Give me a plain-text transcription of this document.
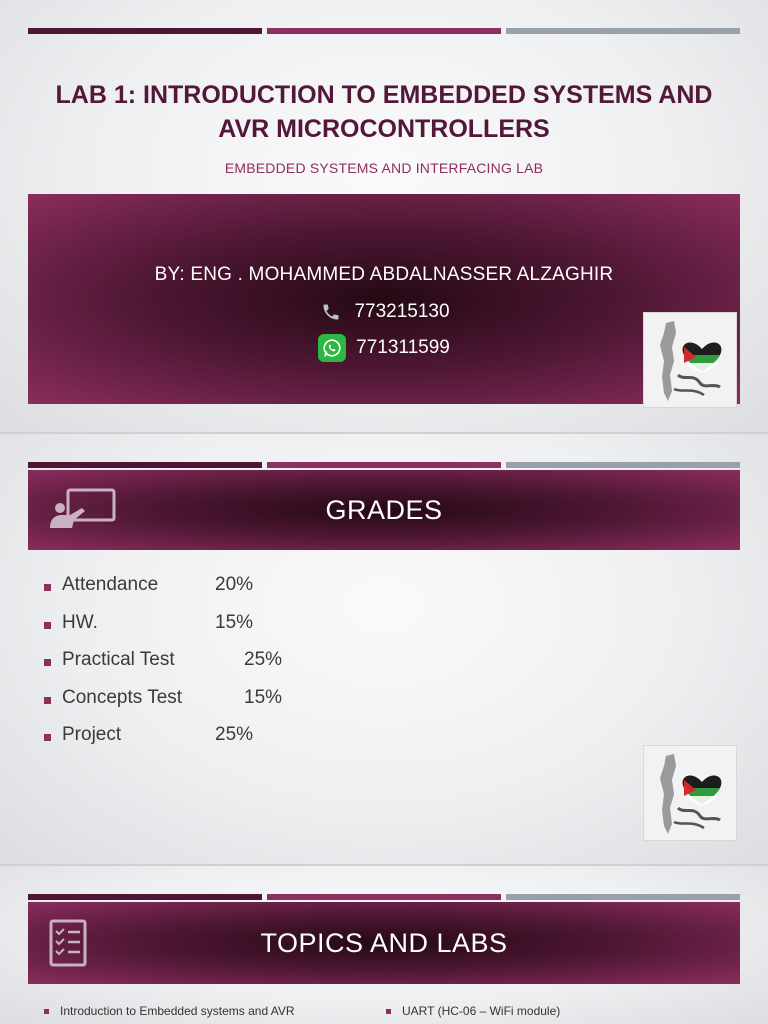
LAB 1: INTRODUCTION TO EMBEDDED SYSTEMS AND
AVR MICROCONTROLLERS
EMBEDDED SYSTEMS AND INTERFACING LAB
BY: ENG . MOHAMMED ABDALNASSER ALZAGHIR
773215130
771311599
GRADES
Attendance	20%
HW.	15%
Practical Test	25%
Concepts Test	15%
Project	25%
TOPICS AND LABS
Introduction to Embedded systems and AVR	UART (HC-06 – WiFi module)
